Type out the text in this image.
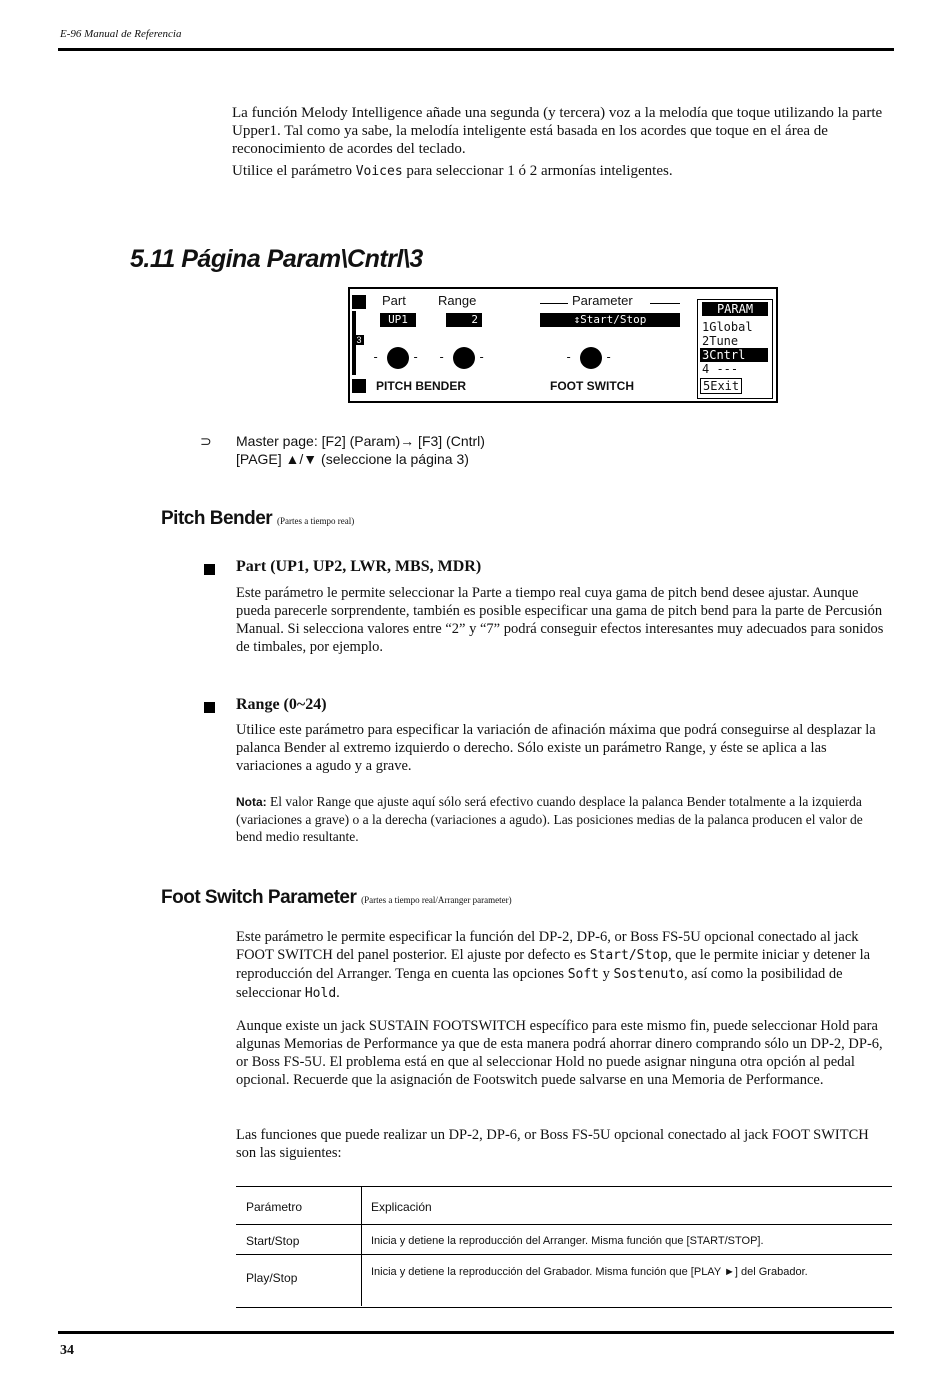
E-96 Manual de Referencia

La función Melody Intelligence añade una segunda (y tercera) voz a la melodía que toque utilizando la parte Upper1. Tal como ya sabe, la melodía inteligente está basada en los acordes que toque en el área de reconocimiento de acordes del teclado.

Utilice el parámetro Voices para seleccionar 1 ó 2 armonías inteligentes.

5.11 Página Param\Cntrl\3
3
Part Range	Parameter
UP1	2	↕Start/Stop
-	- -	-	-	-
PITCH BENDER	FOOT SWITCH
PARAM
1Global
2Tune
3Cntrl
4 ---
5Exit
⊃ Master page: [F2] (Param)→ [F3] (Cntrl)
[PAGE] ▲/▼ (seleccione la página 3)
Pitch Bender (Partes a tiempo real)
Part (UP1, UP2, LWR, MBS, MDR)
Este parámetro le permite seleccionar la Parte a tiempo real cuya gama de pitch bend desee ajustar. Aunque pueda parecerle sorprendente, también es posible especificar una gama de pitch bend para la parte de Percusión Manual. Si selecciona valores entre “2” y “7” podrá conseguir efectos interesantes muy adecuados para sonidos de timbales, por ejemplo.
Range (0~24)
Utilice este parámetro para especificar la variación de afinación máxima que podrá conseguirse al desplazar la palanca Bender al extremo izquierdo o derecho. Sólo existe un parámetro Range, y éste se aplica a las variaciones a agudo y a grave.
Nota: El valor Range que ajuste aquí sólo será efectivo cuando desplace la palanca Bender totalmente a la izquierda (variaciones a grave) o a la derecha (variaciones a agudo). Las posiciones medias de la palanca producen el valor de bend medio resultante.
Foot Switch Parameter (Partes a tiempo real/Arranger parameter)
Este parámetro le permite especificar la función del DP-2, DP-6, or Boss FS-5U opcional conectado al jack FOOT SWITCH del panel posterior. El ajuste por defecto es Start/Stop, que le permite iniciar y detener la reproducción del Arranger. Tenga en cuenta las opciones Soft y Sostenuto, así como la posibilidad de seleccionar Hold.
Aunque existe un jack SUSTAIN FOOTSWITCH específico para este mismo fin, puede seleccionar Hold para algunas Memorias de Performance ya que de esta manera podrá ahorrar dinero comprando sólo un DP-2, DP-6, or Boss FS-5U. El problema está en que al seleccionar Hold no puede asignar ninguna otra opción al pedal opcional. Recuerde que la asignación de Footswitch puede salvarse en una Memoria de Performance.
Las funciones que puede realizar un DP-2, DP-6, or Boss FS-5U opcional conectado al jack FOOT SWITCH son las siguientes:
Parámetro	Explicación
Start/Stop	Inicia y detiene la reproducción del Arranger. Misma función que [START/STOP].
Play/Stop	Inicia y detiene la reproducción del Grabador. Misma función que [PLAY ►] del Grabador.
34
